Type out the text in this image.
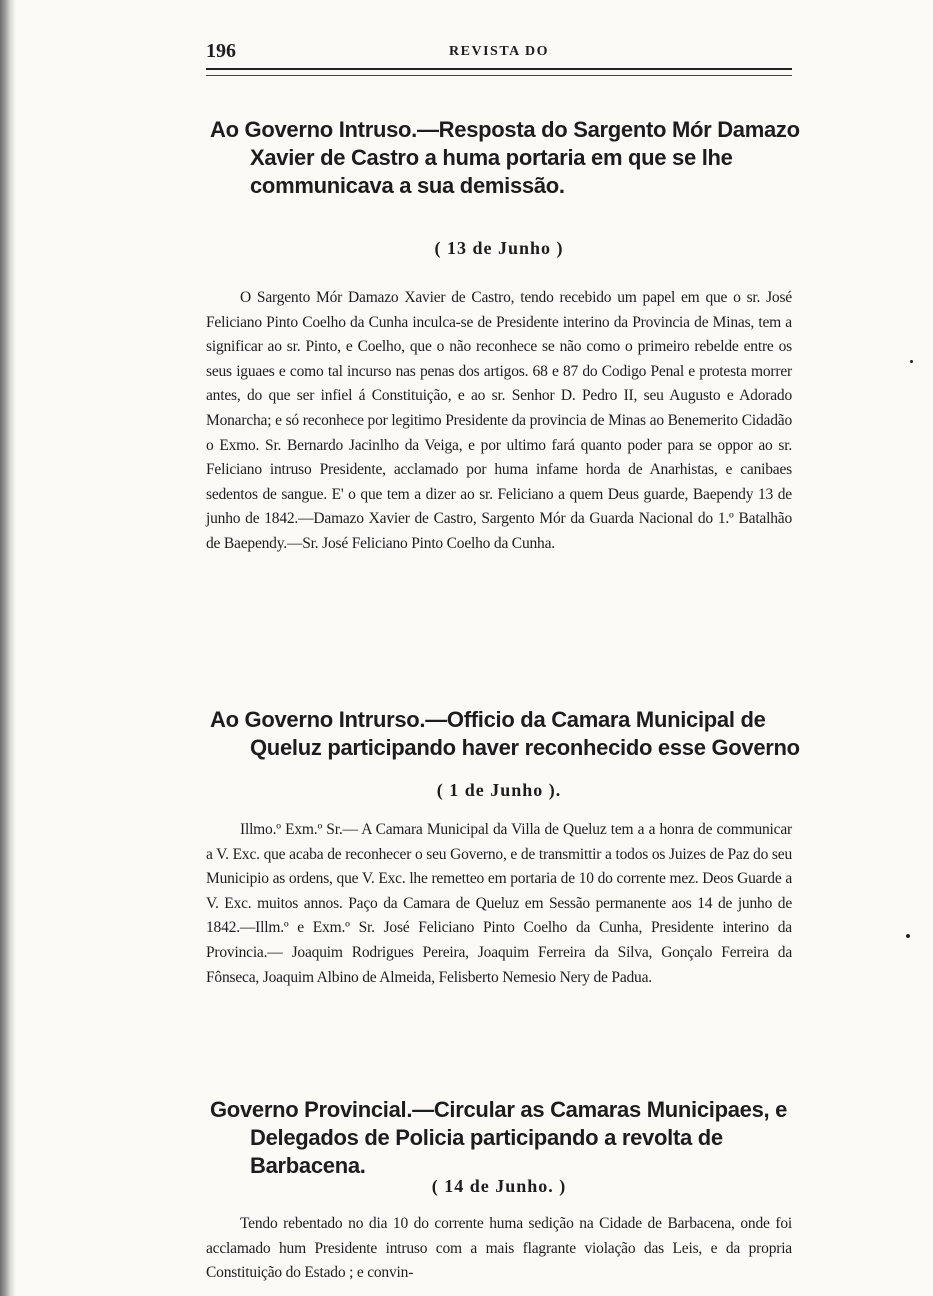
196	REVISTA DO
Ao Governo Intruso.—Resposta do Sargento Mór Damazo Xavier de Castro a huma portaria em que se lhe communicava a sua demissão.
( 13 de Junho )
O Sargento Mór Damazo Xavier de Castro, tendo recebido um papel em que o sr. José Feliciano Pinto Coelho da Cunha inculca-se de Presidente interino da Provincia de Minas, tem a significar ao sr. Pinto, e Coelho, que o não reconhece se não como o primeiro rebelde entre os seus iguaes e como tal incurso nas penas dos artigos. 68 e 87 do Codigo Penal e protesta morrer antes, do que ser infiel á Constituição, e ao sr. Senhor D. Pedro II, seu Augusto e Adorado Monarcha; e só reconhece por legitimo Presidente da provincia de Minas ao Benemerito Cidadão o Exmo. Sr. Bernardo Jacinlho da Veiga, e por ultimo fará quanto poder para se oppor ao sr. Feliciano intruso Presidente, acclamado por huma infame horda de Anarhistas, e canibaes sedentos de sangue. E' o que tem a dizer ao sr. Feliciano a quem Deus guarde, Baependy 13 de junho de 1842.—Damazo Xavier de Castro, Sargento Mór da Guarda Nacional do 1.º Batalhão de Baependy.—Sr. José Feliciano Pinto Coelho da Cunha.
Ao Governo Intrurso.—Officio da Camara Municipal de Queluz participando haver reconhecido esse Governo
( 1 de Junho ).
Illmo.º Exm.º Sr.— A Camara Municipal da Villa de Queluz tem a a honra de communicar a V. Exc. que acaba de reconhecer o seu Governo, e de transmittir a todos os Juizes de Paz do seu Municipio as ordens, que V. Exc. lhe remetteo em portaria de 10 do corrente mez. Deos Guarde a V. Exc. muitos annos. Paço da Camara de Queluz em Sessão permanente aos 14 de junho de 1842.—Illm.º e Exm.º Sr. José Feliciano Pinto Coelho da Cunha, Presidente interino da Provincia.— Joaquim Rodrigues Pereira, Joaquim Ferreira da Silva, Gonçalo Ferreira da Fônseca, Joaquim Albino de Almeida, Felisberto Nemesio Nery de Padua.
Governo Provincial.—Circular as Camaras Municipaes, e Delegados de Policia participando a revolta de Barbacena.
( 14 de Junho. )
Tendo rebentado no dia 10 do corrente huma sedição na Cidade de Barbacena, onde foi acclamado hum Presidente intruso com a mais flagrante violação das Leis, e da propria Constituição do Estado ; e convin-
